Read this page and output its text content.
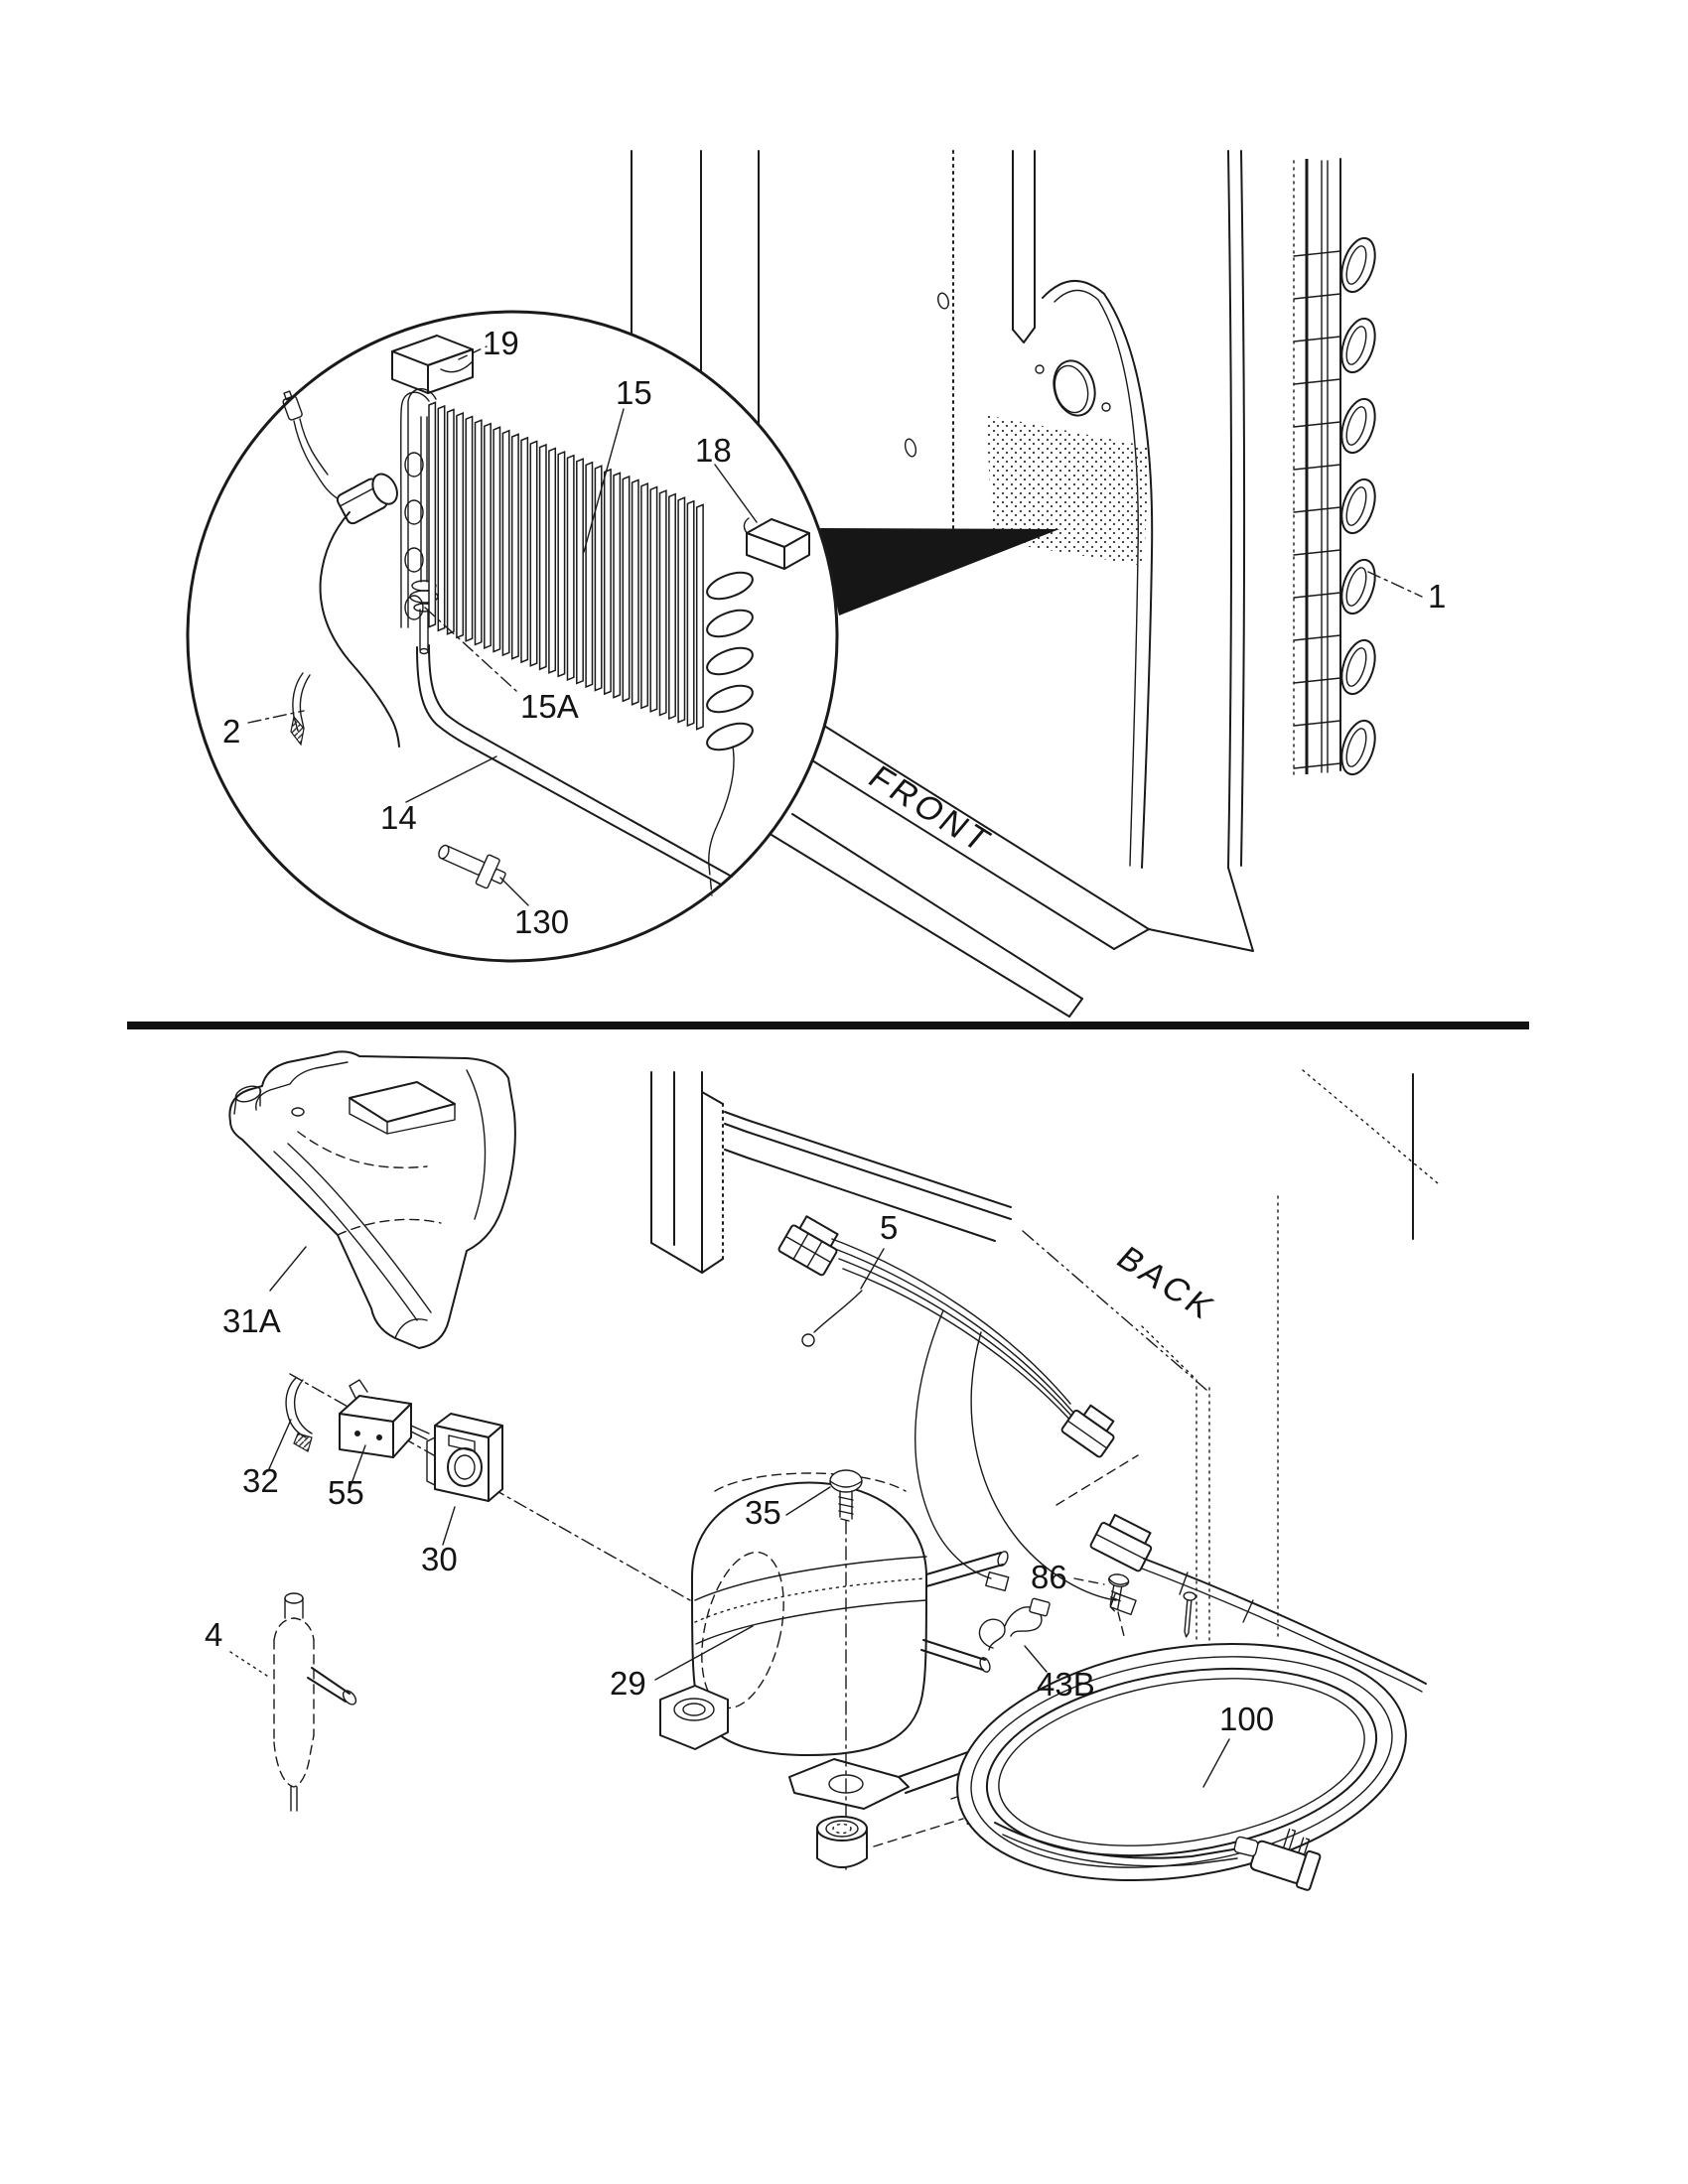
FRONT
1
19
2
130
18
15
15A
14
BACK
31A
32 55
30
4
5
35
29
100
86
43B
